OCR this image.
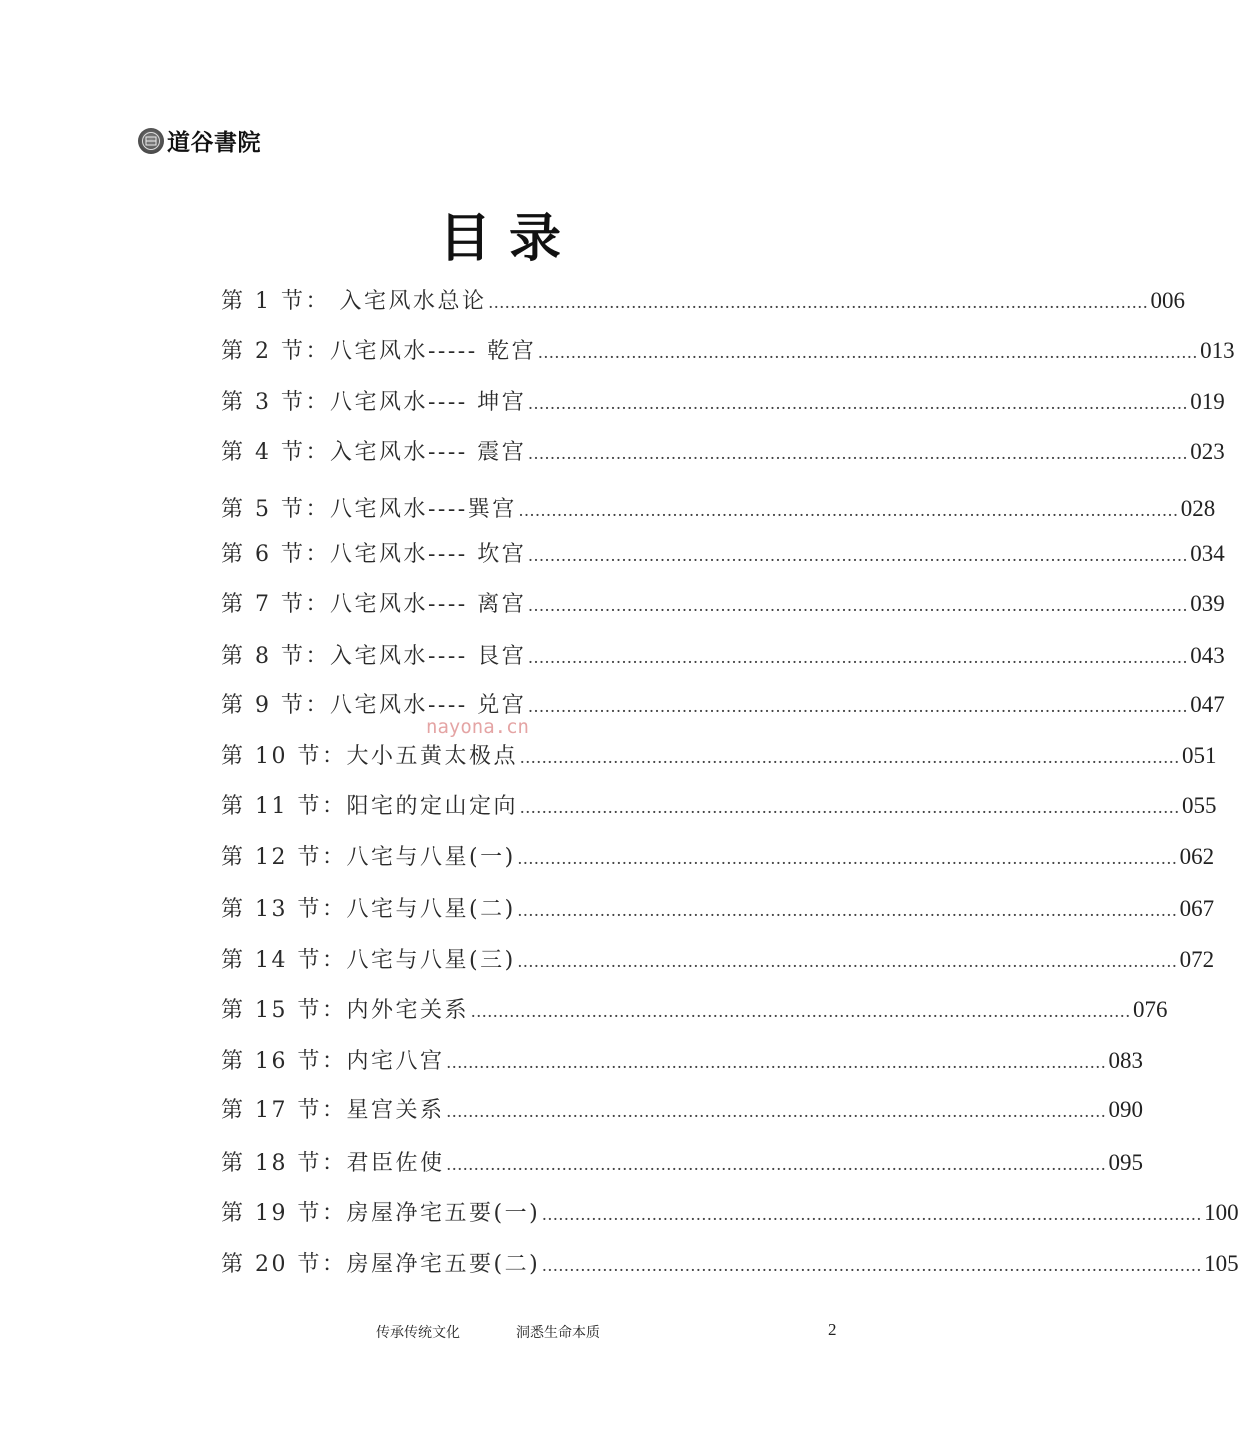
道谷書院
目录
第 1 节： 入宅风水总论 ........................................................................................................................ 006
第 2 节：八宅风水----- 乾宫 ........................................................................................................................ 013
第 3 节：八宅风水---- 坤宫 ........................................................................................................................ 019
第 4 节：入宅风水---- 震宫 ........................................................................................................................ 023
第 5 节：八宅风水----巽宫 ........................................................................................................................ 028
第 6 节：八宅风水---- 坎宫 ........................................................................................................................ 034
第 7 节：八宅风水---- 离宫 ........................................................................................................................ 039
第 8 节：入宅风水---- 艮宫 ........................................................................................................................ 043
第 9 节：八宅风水---- 兑宫 ........................................................................................................................ 047
第 10 节：大小五黄太极点 ........................................................................................................................ 051
第 11 节：阳宅的定山定向 ........................................................................................................................ 055
第 12 节：八宅与八星(一) ........................................................................................................................ 062
第 13 节：八宅与八星(二) ........................................................................................................................ 067
第 14 节：八宅与八星(三) ........................................................................................................................ 072
第 15 节：内外宅关系 ........................................................................................................................ 076
第 16 节：内宅八宫 ........................................................................................................................ 083
第 17 节：星宫关系 ........................................................................................................................ 090
第 18 节：君臣佐使 ........................................................................................................................ 095
第 19 节：房屋净宅五要(一) ........................................................................................................................ 100
第 20 节：房屋净宅五要(二) ........................................................................................................................ 105
nayona.cn
传承传统文化	洞悉生命本质	2
